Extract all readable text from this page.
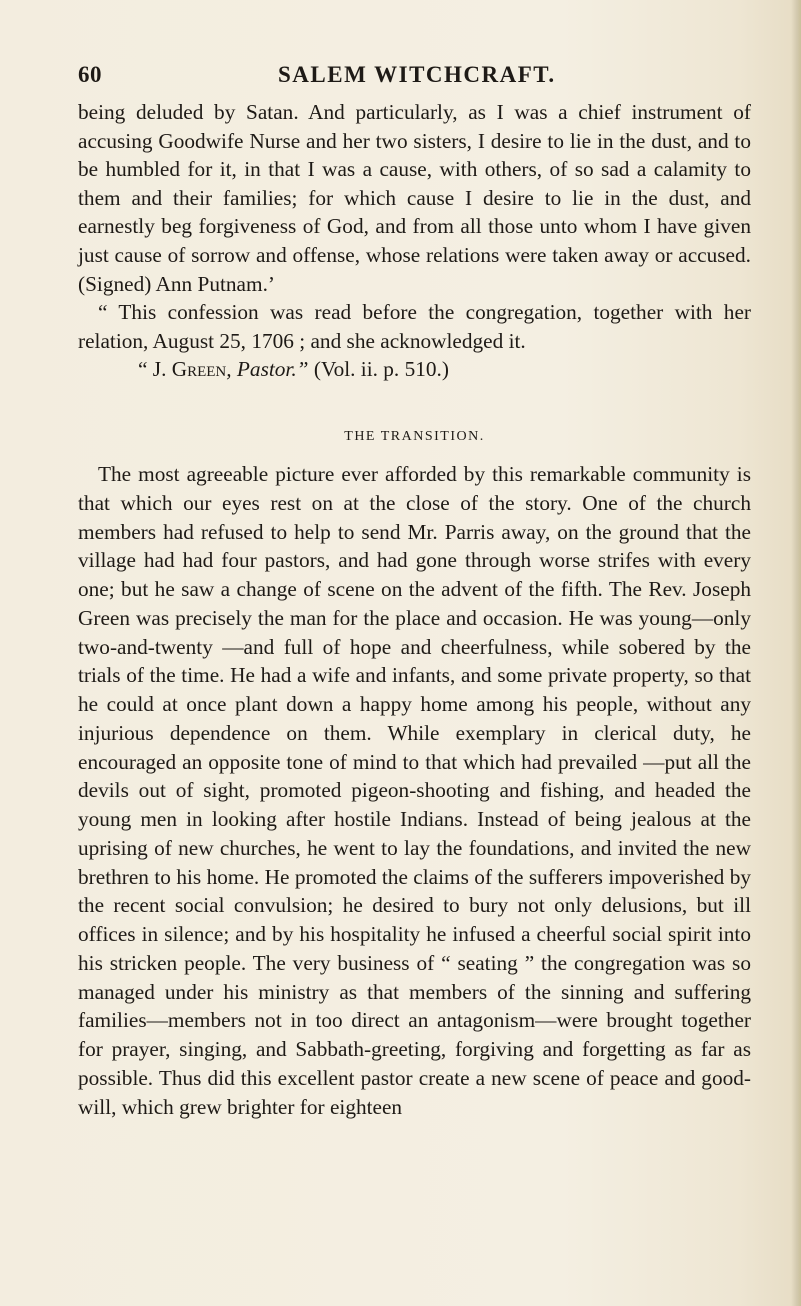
60	SALEM WITCHCRAFT.

being deluded by Satan. And particularly, as I was a chief instrument of accusing Goodwife Nurse and her two sisters, I desire to lie in the dust, and to be humbled for it, in that I was a cause, with others, of so sad a calamity to them and their families; for which cause I desire to lie in the dust, and earnestly beg forgiveness of God, and from all those unto whom I have given just cause of sorrow and offense, whose relations were taken away or accused. (Signed) Ann Putnam.’

“ This confession was read before the congregation, together with her relation, August 25, 1706 ; and she acknowledged it.

“ J. Green, Pastor.” (Vol. ii. p. 510.)

THE TRANSITION.

The most agreeable picture ever afforded by this remarkable community is that which our eyes rest on at the close of the story. One of the church members had refused to help to send Mr. Parris away, on the ground that the village had had four pastors, and had gone through worse strifes with every one; but he saw a change of scene on the advent of the fifth. The Rev. Joseph Green was precisely the man for the place and occasion. He was young—only two-and-twenty —and full of hope and cheerfulness, while sobered by the trials of the time. He had a wife and infants, and some private property, so that he could at once plant down a happy home among his people, without any injurious dependence on them. While exemplary in clerical duty, he encouraged an opposite tone of mind to that which had prevailed —put all the devils out of sight, promoted pigeon-shooting and fishing, and headed the young men in looking after hostile Indians. Instead of being jealous at the uprising of new churches, he went to lay the foundations, and invited the new brethren to his home. He promoted the claims of the sufferers impoverished by the recent social convulsion; he desired to bury not only delusions, but ill offices in silence; and by his hospitality he infused a cheerful social spirit into his stricken people. The very business of “ seating ” the congregation was so managed under his ministry as that members of the sinning and suffering families—members not in too direct an antagonism—were brought together for prayer, singing, and Sabbath-greeting, forgiving and forgetting as far as possible. Thus did this excellent pastor create a new scene of peace and good-will, which grew brighter for eighteen
